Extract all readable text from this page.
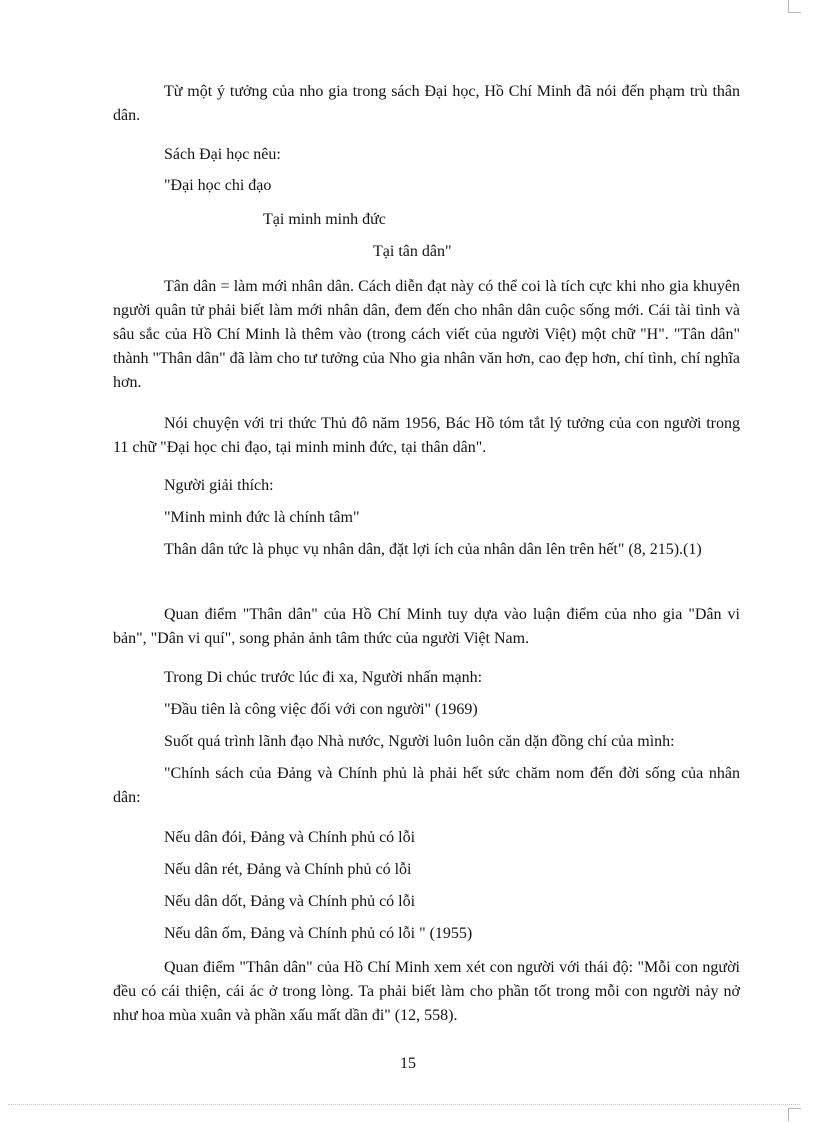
Từ một ý tưởng của nho gia trong sách Đại học, Hồ Chí Minh đã nói đến phạm trù thân dân.

Sách Đại học nêu:

"Đại học chi đạo

Tại minh minh đức

Tại tân dân"

Tân dân = làm mới nhân dân. Cách diễn đạt này có thể coi là tích cực khi nho gia khuyên người quân tử phải biết làm mới nhân dân, đem đến cho nhân dân cuộc sống mới. Cái tài tình và sâu sắc của Hồ Chí Minh là thêm vào (trong cách viết của người Việt) một chữ "H". "Tân dân" thành "Thân dân" đã làm cho tư tưởng của Nho gia nhân văn hơn, cao đẹp hơn, chí tình, chí nghĩa hơn.

Nói chuyện với tri thức Thủ đô năm 1956, Bác Hồ tóm tắt lý tưởng của con người trong 11 chữ "Đại học chi đạo, tại minh minh đức, tại thân dân".

Người giải thích:

"Minh minh đức là chính tâm"

Thân dân tức là phục vụ nhân dân, đặt lợi ích của nhân dân lên trên hết" (8, 215).(1)

Quan điểm "Thân dân" của Hồ Chí Minh tuy dựa vào luận điểm của nho gia "Dân vi bản", "Dân vi quí", song phản ảnh tâm thức của người Việt Nam.

Trong Di chúc trước lúc đi xa, Người nhấn mạnh:

"Đầu tiên là công việc đối với con người" (1969)

Suốt quá trình lãnh đạo Nhà nước, Người luôn luôn căn dặn đồng chí của mình:

"Chính sách của Đảng và Chính phủ là phải hết sức chăm nom đến đời sống của nhân dân:

Nếu dân đói, Đảng và Chính phủ có lỗi

Nếu dân rét, Đảng và Chính phủ có lỗi

Nếu dân dốt, Đảng và Chính phủ có lỗi

Nếu dân ốm, Đảng và Chính phủ có lỗi " (1955)

Quan điểm "Thân dân" của Hồ Chí Minh xem xét con người với thái độ: "Mỗi con người đều có cái thiện, cái ác ở trong lòng. Ta phải biết làm cho phần tốt trong mỗi con người nảy nở như hoa mùa xuân và phần xấu mất dần đi" (12, 558).

15
